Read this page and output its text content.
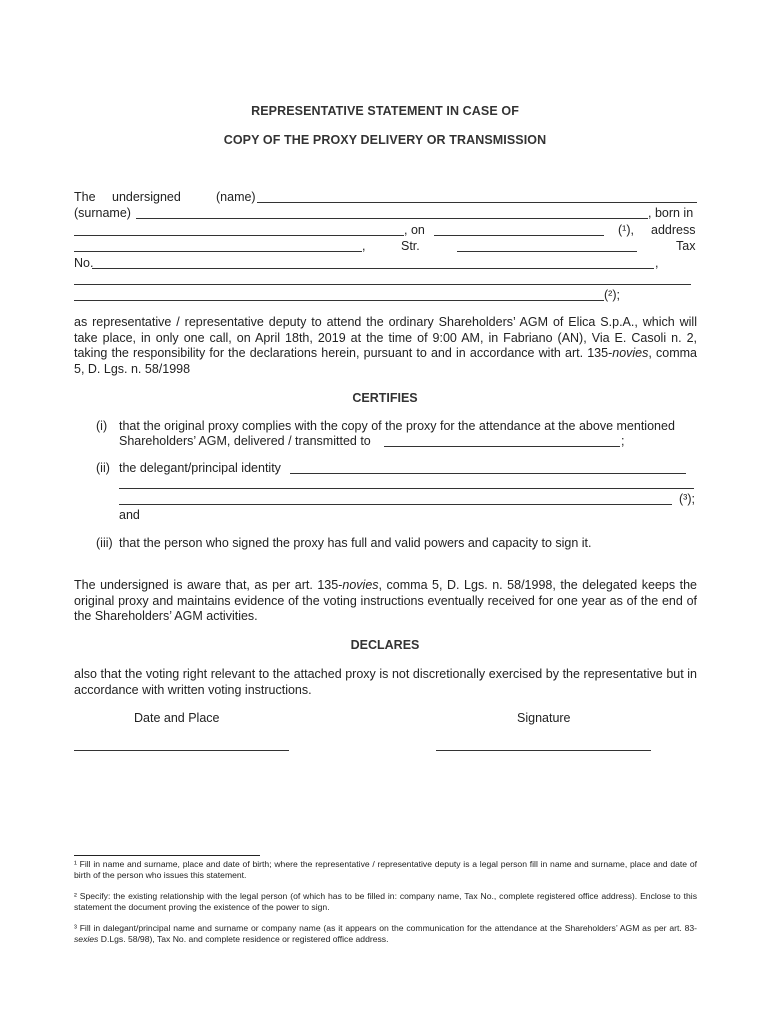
REPRESENTATIVE STATEMENT IN CASE OF
COPY OF THE PROXY DELIVERY OR TRANSMISSION
The undersigned	(name)
(surname)	, born in
, on	(¹), address
,	Str.	Tax
No.	,
(²);
as representative / representative deputy to attend the ordinary Shareholders’ AGM of Elica S.p.A., which will take place, in only one call, on April 18th, 2019 at the time of 9:00 AM, in Fabriano (AN), Via E. Casoli n. 2, taking the responsibility for the declarations herein, pursuant to and in accordance with art. 135-novies, comma 5, D. Lgs. n. 58/1998
CERTIFIES
(i) that the original proxy complies with the copy of the proxy for the attendance at the above mentioned
Shareholders’ AGM, delivered / transmitted to	;
(ii) the delegant/principal identity
(³);
and
(iii) that the person who signed the proxy has full and valid powers and capacity to sign it.
The undersigned is aware that, as per art. 135-novies, comma 5, D. Lgs. n. 58/1998, the delegated keeps the original proxy and maintains evidence of the voting instructions eventually received for one year as of the end of the Shareholders’ AGM activities.
DECLARES
also that the voting right relevant to the attached proxy is not discretionally exercised by the representative but in accordance with written voting instructions.
Date and Place	Signature
¹ Fill in name and surname, place and date of birth; where the representative / representative deputy is a legal person fill in name and surname, place and date of birth of the person who issues this statement.
² Specify: the existing relationship with the legal person (of which has to be filled in: company name, Tax No., complete registered office address). Enclose to this statement the document proving the existence of the power to sign.
³ Fill in dalegant/principal name and surname or company name (as it appears on the communication for the attendance at the Shareholders’ AGM as per art. 83-sexies D.Lgs. 58/98), Tax No. and complete residence or registered office address.
